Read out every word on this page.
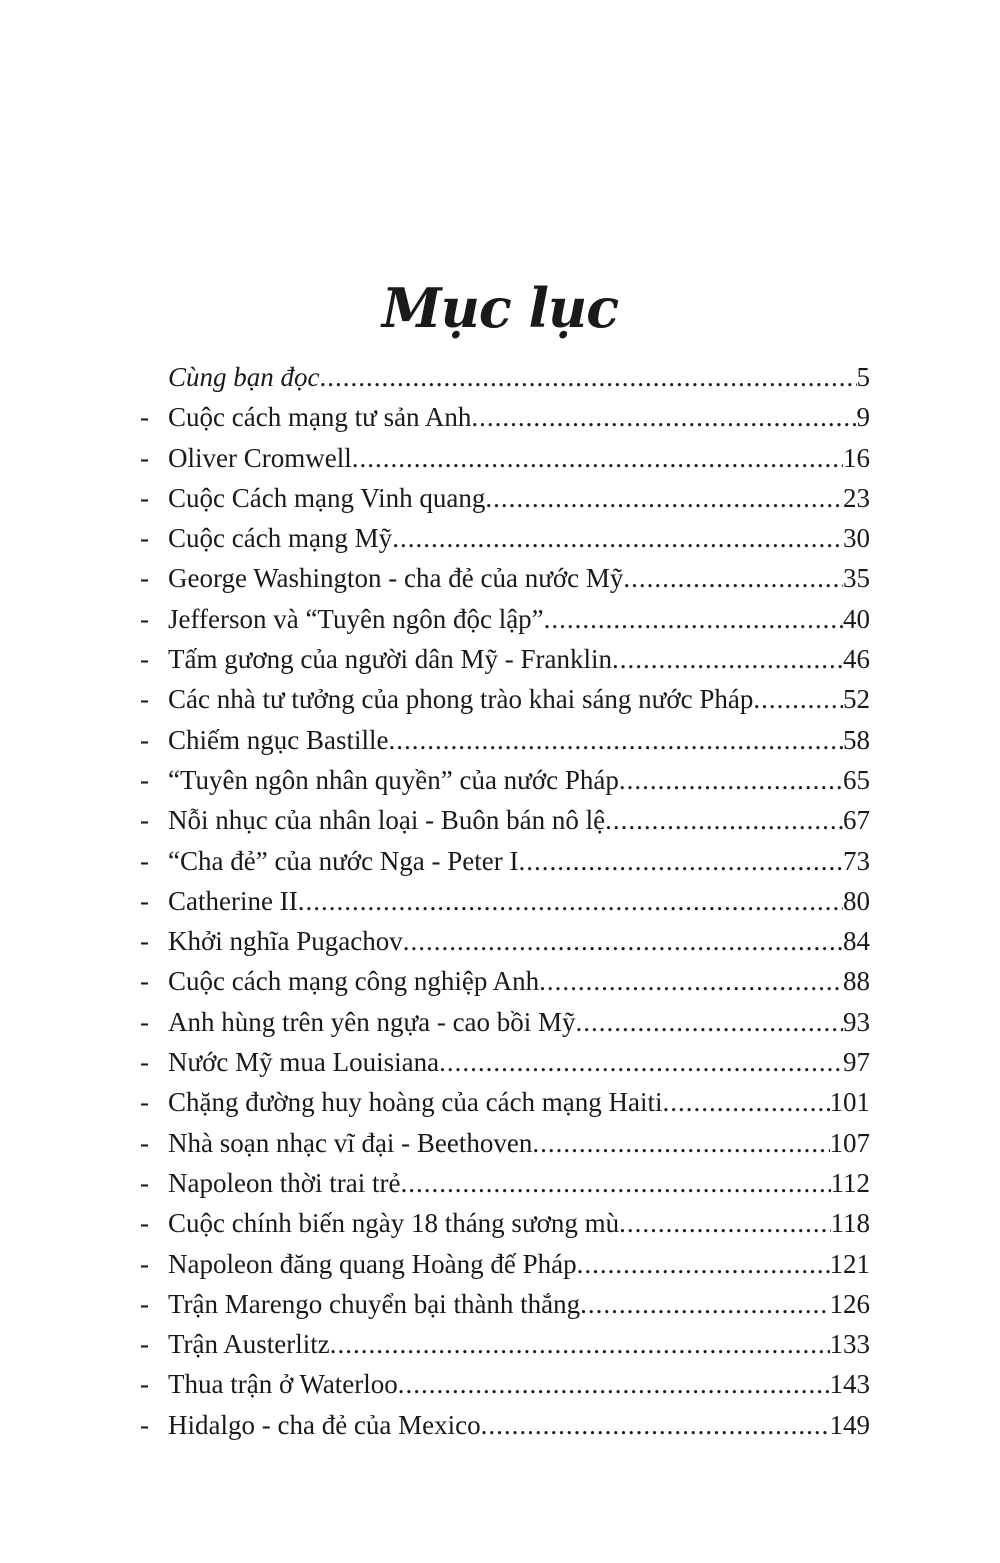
Mục lục
Cùng bạn đọc .....	5
- Cuộc cách mạng tư sản Anh .....	9
- Oliver Cromwell .....	16
- Cuộc Cách mạng Vinh quang .....	23
- Cuộc cách mạng Mỹ .....	30
- George Washington - cha đẻ của nước Mỹ .....	35
- Jefferson và “Tuyên ngôn độc lập” .....	40
- Tấm gương của người dân Mỹ - Franklin .....	46
- Các nhà tư tưởng của phong trào khai sáng nước Pháp .....	52
- Chiếm ngục Bastille .....	58
- “Tuyên ngôn nhân quyền” của nước Pháp .....	65
- Nỗi nhục của nhân loại - Buôn bán nô lệ .....	67
- “Cha đẻ” của nước Nga - Peter I .....	73
- Catherine II .....	80
- Khởi nghĩa Pugachov .....	84
- Cuộc cách mạng công nghiệp Anh .....	88
- Anh hùng trên yên ngựa - cao bồi Mỹ .....	93
- Nước Mỹ mua Louisiana .....	97
- Chặng đường huy hoàng của cách mạng Haiti .....	101
- Nhà soạn nhạc vĩ đại - Beethoven .....	107
- Napoleon thời trai trẻ .....	112
- Cuộc chính biến ngày 18 tháng sương mù .....	118
- Napoleon đăng quang Hoàng đế Pháp .....	121
- Trận Marengo chuyển bại thành thắng .....	126
- Trận Austerlitz .....	133
- Thua trận ở Waterloo .....	143
- Hidalgo - cha đẻ của Mexico .....	149
